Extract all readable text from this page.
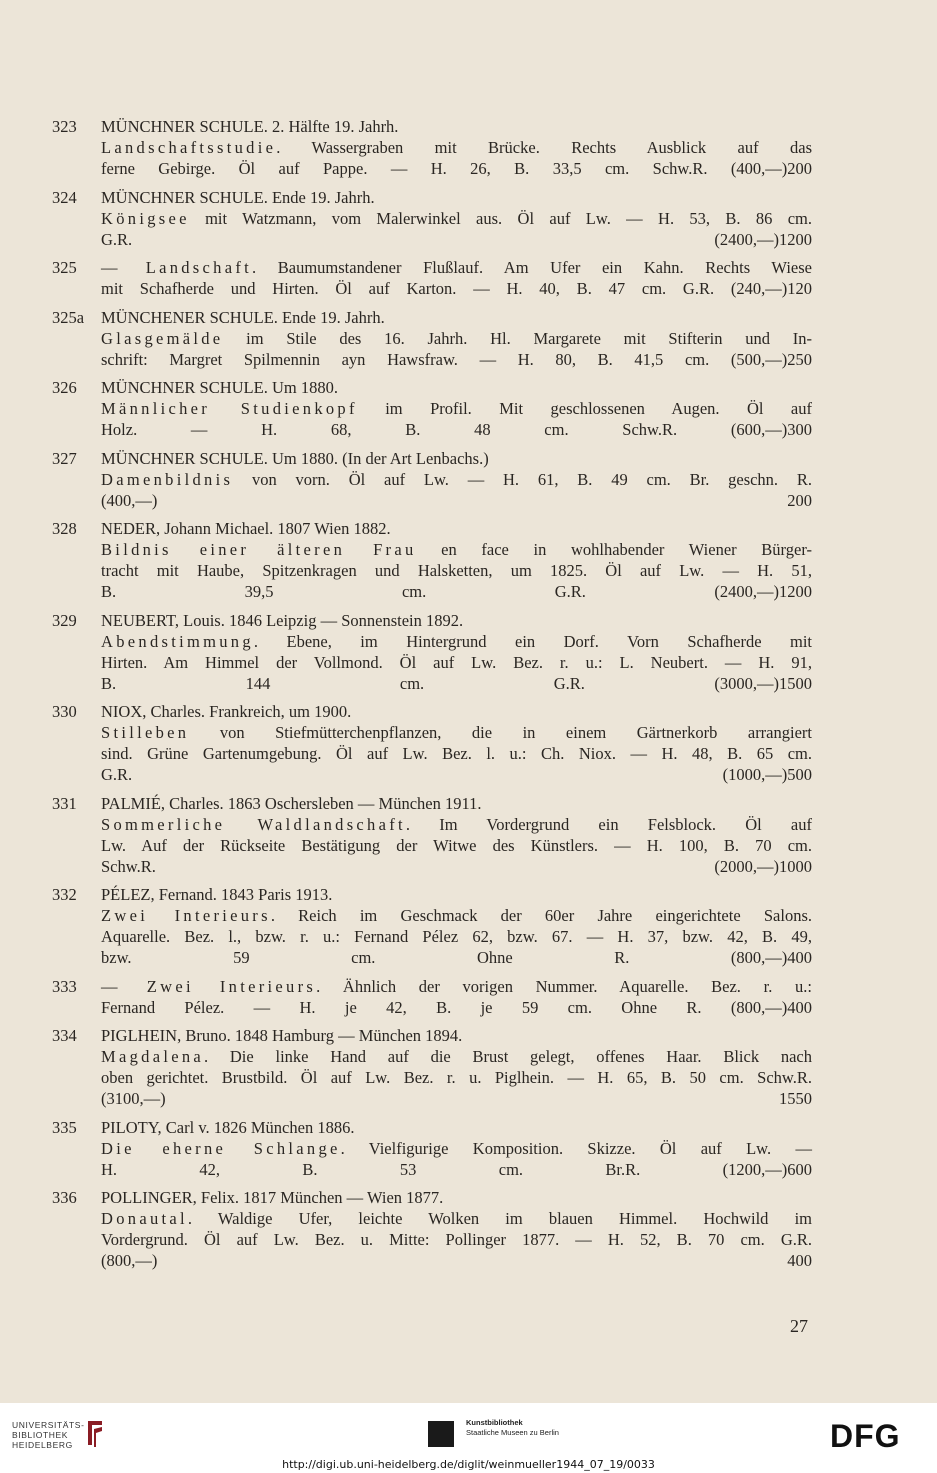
323 MÜNCHNER SCHULE. 2. Hälfte 19. Jahrh.
Landschaftsstudie. Wassergraben mit Brücke. Rechts Ausblick auf das
ferne Gebirge. Öl auf Pappe. — H. 26, B. 33,5 cm. Schw.R. (400,—) 200
324 MÜNCHNER SCHULE. Ende 19. Jahrh.
Königsee mit Watzmann, vom Malerwinkel aus. Öl auf Lw. — H. 53, B. 86 cm.
G.R. (2400,—) 1200
325 — Landschaft. Baumumstandener Flußlauf. Am Ufer ein Kahn. Rechts Wiese
mit Schafherde und Hirten. Öl auf Karton. — H. 40, B. 47 cm. G.R. (240,—) 120
325a MÜNCHENER SCHULE. Ende 19. Jahrh.
Glasgemälde im Stile des 16. Jahrh. Hl. Margarete mit Stifterin und In-
schrift: Margret Spilmennin ayn Hawsfraw. — H. 80, B. 41,5 cm. (500,—) 250
326 MÜNCHNER SCHULE. Um 1880.
Männlicher Studienkopf im Profil. Mit geschlossenen Augen. Öl auf
Holz. — H. 68, B. 48 cm. Schw.R. (600,—) 300
327 MÜNCHNER SCHULE. Um 1880. (In der Art Lenbachs.)
Damenbildnis von vorn. Öl auf Lw. — H. 61, B. 49 cm. Br. geschn. R.
(400,—)	200
328 NEDER, Johann Michael. 1807 Wien 1882.
Bildnis einer älteren Frau en face in wohlhabender Wiener Bürger-
tracht mit Haube, Spitzenkragen und Halsketten, um 1825. Öl auf Lw. — H. 51,
B. 39,5 cm. G.R. (2400,—) 1200
329 NEUBERT, Louis. 1846 Leipzig — Sonnenstein 1892.
Abendstimmung. Ebene, im Hintergrund ein Dorf. Vorn Schafherde mit
Hirten. Am Himmel der Vollmond. Öl auf Lw. Bez. r. u.: L. Neubert. — H. 91,
B. 144 cm. G.R. (3000,—) 1500
330 NIOX, Charles. Frankreich, um 1900.
Stilleben von Stiefmütterchenpflanzen, die in einem Gärtnerkorb arrangiert
sind. Grüne Gartenumgebung. Öl auf Lw. Bez. l. u.: Ch. Niox. — H. 48, B. 65 cm.
G.R. (1000,—) 500
331 PALMIÉ, Charles. 1863 Oschersleben — München 1911.
Sommerliche Waldlandschaft. Im Vordergrund ein Felsblock. Öl auf
Lw. Auf der Rückseite Bestätigung der Witwe des Künstlers. — H. 100, B. 70 cm.
Schw.R. (2000,—) 1000
332 PÉLEZ, Fernand. 1843 Paris 1913.
Zwei Interieurs. Reich im Geschmack der 60er Jahre eingerichtete Salons.
Aquarelle. Bez. l., bzw. r. u.: Fernand Pélez 62, bzw. 67. — H. 37, bzw. 42, B. 49,
bzw. 59 cm. Ohne R. (800,—) 400
333 — Zwei Interieurs. Ähnlich der vorigen Nummer. Aquarelle. Bez. r. u.:
Fernand Pélez. — H. je 42, B. je 59 cm. Ohne R. (800,—) 400
334 PIGLHEIN, Bruno. 1848 Hamburg — München 1894.
Magdalena. Die linke Hand auf die Brust gelegt, offenes Haar. Blick nach
oben gerichtet. Brustbild. Öl auf Lw. Bez. r. u. Piglhein. — H. 65, B. 50 cm. Schw.R.
(3100,—)	1550
335 PILOTY, Carl v. 1826 München 1886.
Die eherne Schlange. Vielfigurige Komposition. Skizze. Öl auf Lw. —
H. 42, B. 53 cm. Br.R. (1200,—) 600
336 POLLINGER, Felix. 1817 München — Wien 1877.
Donautal. Waldige Ufer, leichte Wolken im blauen Himmel. Hochwild im
Vordergrund. Öl auf Lw. Bez. u. Mitte: Pollinger 1877. — H. 52, B. 70 cm. G.R.
(800,—)	400
27
UNIVERSITÄTS-
BIBLIOTHEK
HEIDELBERG
Kunstbibliothek
Staatliche Museen zu Berlin	DFG
http://digi.ub.uni-heidelberg.de/diglit/weinmueller1944_07_19/0033
